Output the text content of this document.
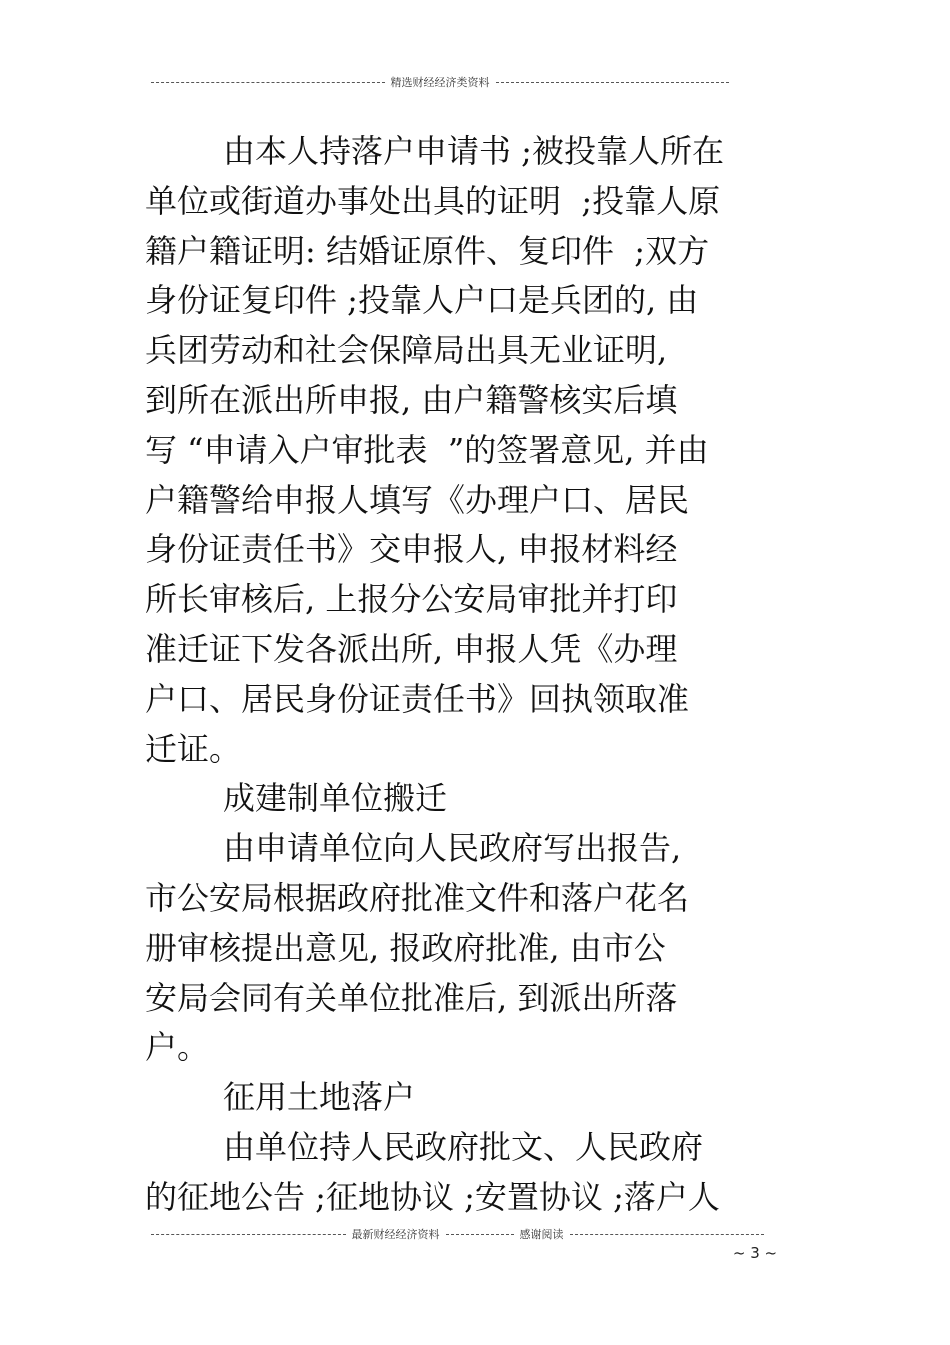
精选财经经济类资料
由本人持落户申请书 ;被投靠人所在
单位或街道办事处出具的证明  ;投靠人原
籍户籍证明: 结婚证原件、复印件  ;双方
身份证复印件 ;投靠人户口是兵团的, 由
兵团劳动和社会保障局出具无业证明,
到所在派出所申报, 由户籍警核实后填
写 “申请入户审批表  ”的签署意见, 并由
户籍警给申报人填写《办理户口、居民
身份证责任书》交申报人, 申报材料经
所长审核后, 上报分公安局审批并打印
准迁证下发各派出所, 申报人凭《办理
户口、居民身份证责任书》回执领取准
迁证。
成建制单位搬迁
由申请单位向人民政府写出报告,
市公安局根据政府批准文件和落户花名
册审核提出意见, 报政府批准, 由市公
安局会同有关单位批准后, 到派出所落
户。
征用土地落户
由单位持人民政府批文、人民政府
的征地公告 ;征地协议 ;安置协议 ;落户人
最新财经经济资料	感谢阅读
~ 3 ~
